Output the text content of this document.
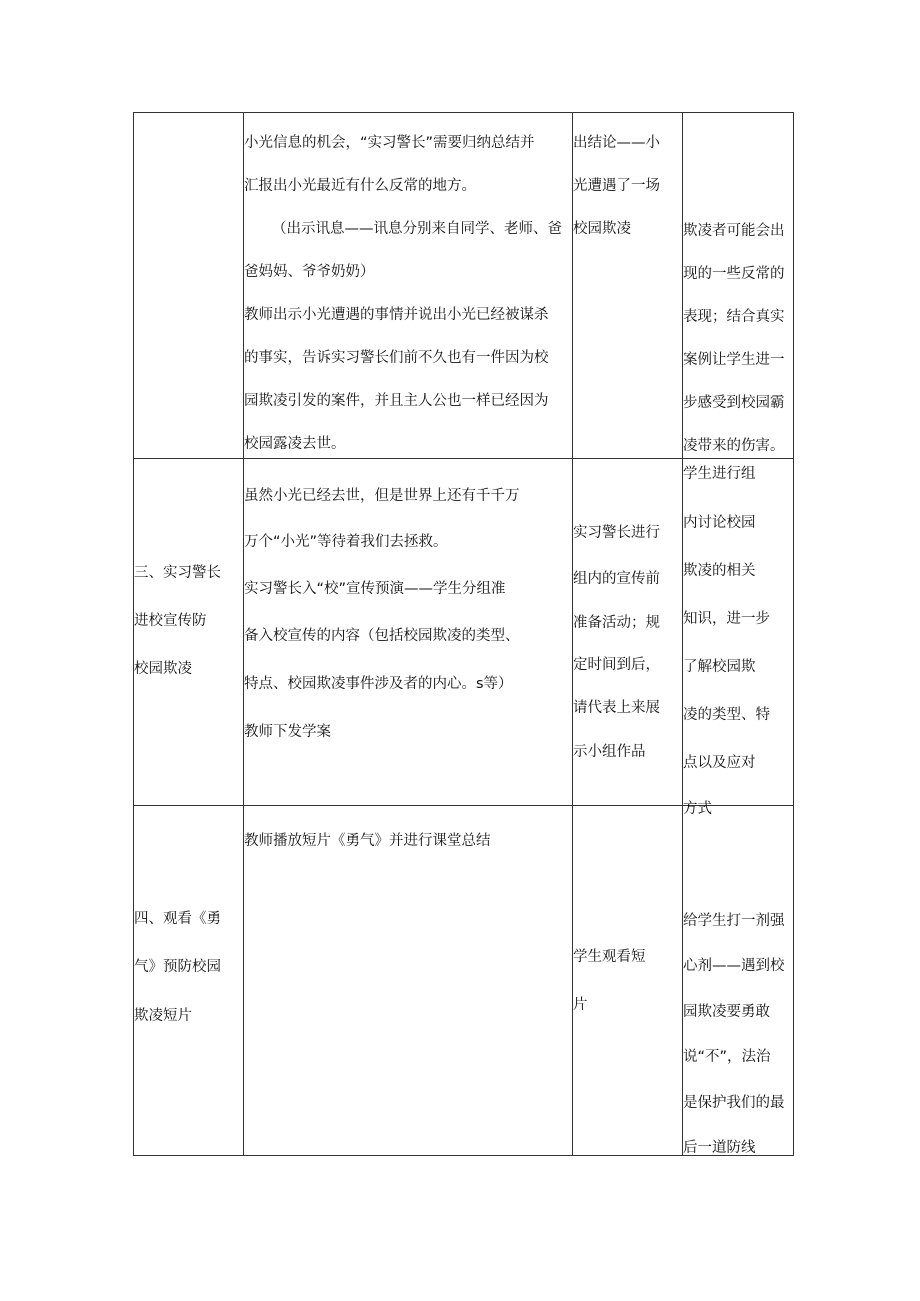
小光信息的机会，“实习警长”需要归纳总结并
汇报出小光最近有什么反常的地方。
（出示讯息——讯息分别来自同学、老师、爸
爸妈妈、爷爷奶奶）
教师出示小光遭遇的事情并说出小光已经被谋杀
的事实，告诉实习警长们前不久也有一件因为校
园欺凌引发的案件，并且主人公也一样已经因为
校园露凌去世。
出结论——小
光遭遇了一场
校园欺凌	欺凌者可能会出
现的一些反常的
表现；结合真实
案例让学生进一
步感受到校园霸
凌带来的伤害。
三、实习警长
进校宣传防
校园欺凌
虽然小光已经去世，但是世界上还有千千万
万个“小光”等待着我们去拯救。
实习警长入“校”宣传预演——学生分组准
备入校宣传的内容（包括校园欺凌的类型、
特点、校园欺凌事件涉及者的内心。s等）
教师下发学案
实习警长进行
组内的宣传前
准备活动；规
定时间到后，
请代表上来展
示小组作品
学生进行组
内讨论校园
欺凌的相关
知识，进一步
了解校园欺
凌的类型、特
点以及应对
方式
四、观看《勇
气》预防校园
欺凌短片
教师播放短片《勇气》并进行课堂总结
学生观看短
片
给学生打一剂强
心剂——遇到校
园欺凌要勇敢
说“不”，法治
是保护我们的最
后一道防线
